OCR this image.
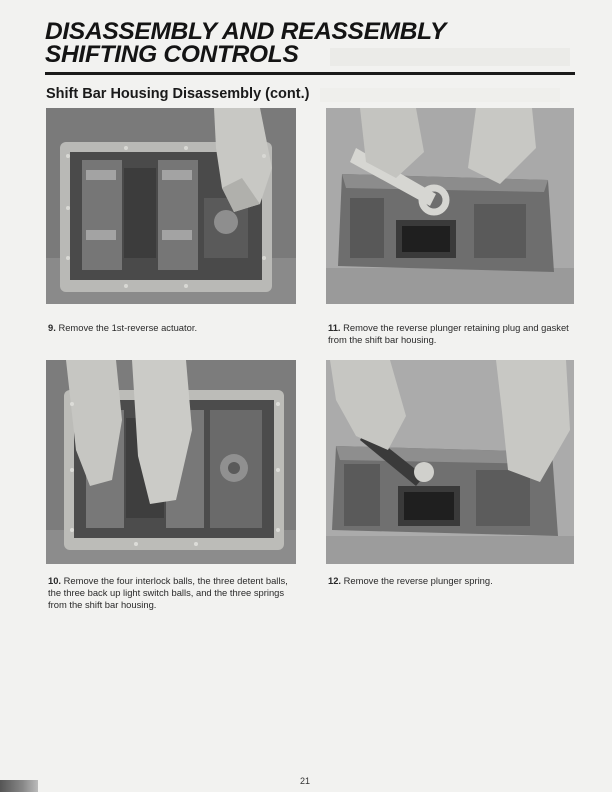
DISASSEMBLY AND REASSEMBLY
SHIFTING CONTROLS
Shift Bar Housing Disassembly (cont.)

9. Remove the 1st-reverse actuator.	11. Remove the reverse plunger retaining plug and gasket from the shift bar housing.

10. Remove the four interlock balls, the three detent balls, the three back up light switch balls, and the three springs from the shift bar housing.

12. Remove the reverse plunger spring.

21
